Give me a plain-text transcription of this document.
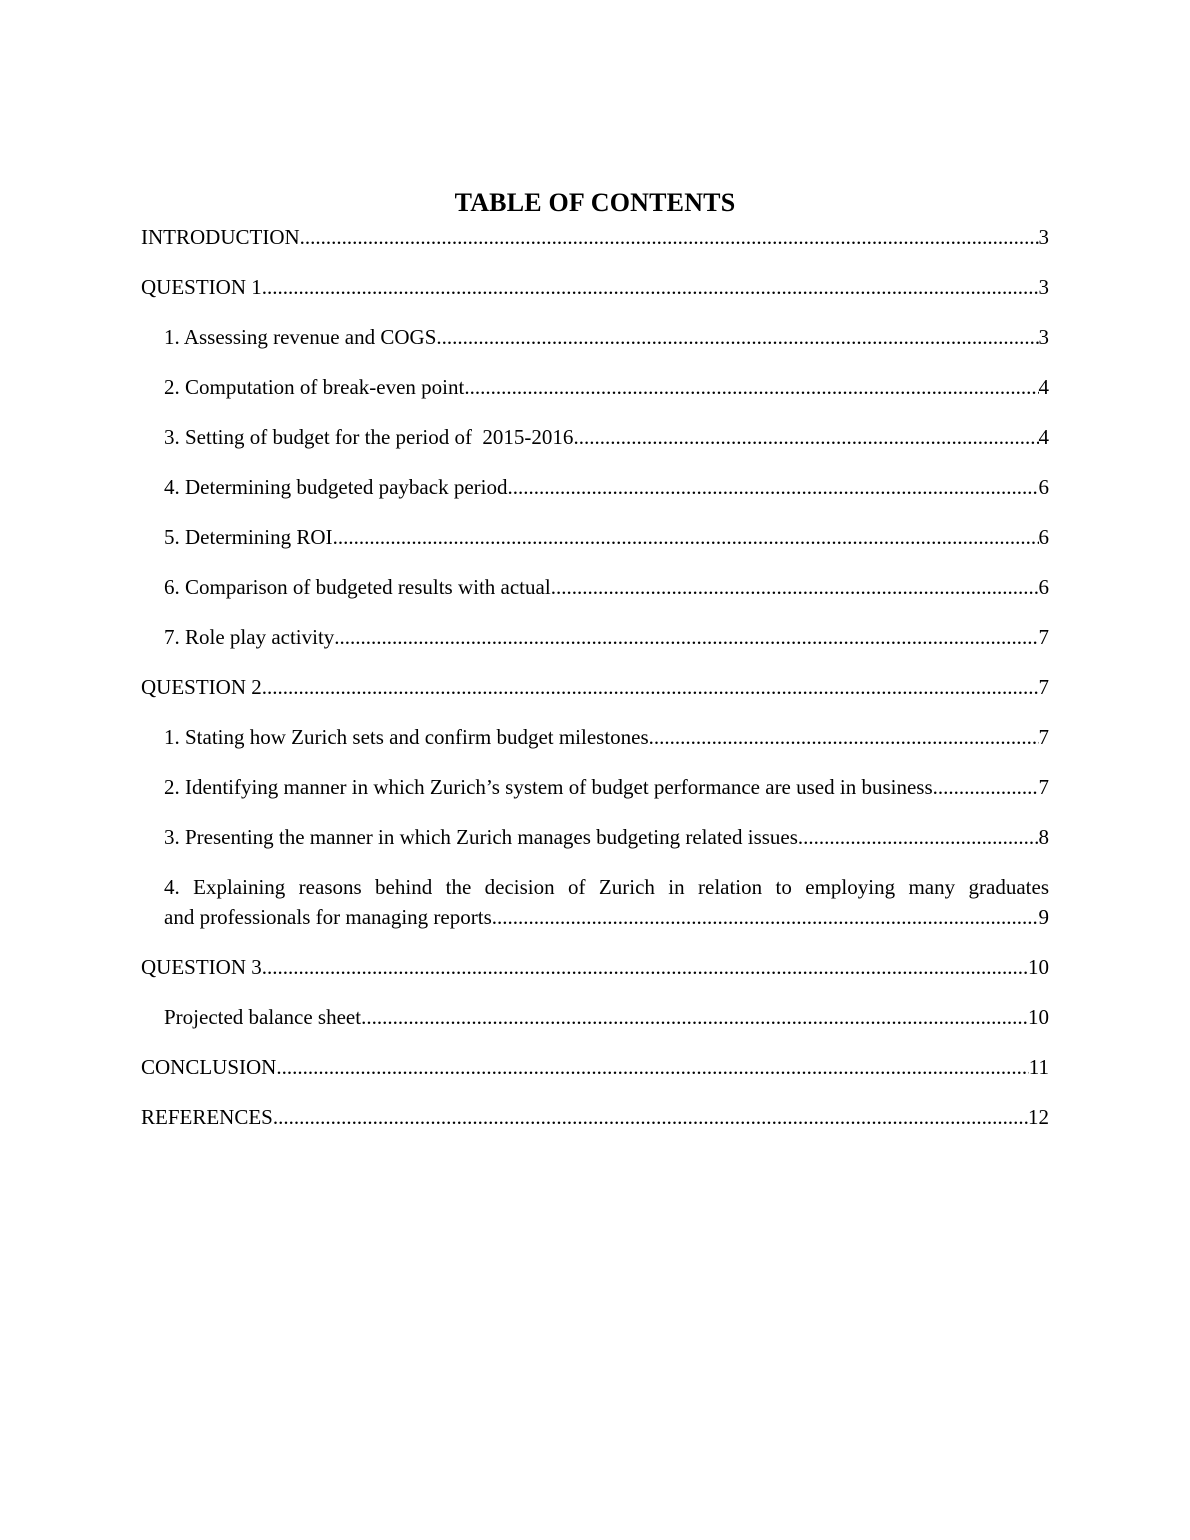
TABLE OF CONTENTS
INTRODUCTION .....	3
QUESTION 1 .....	3
1. Assessing revenue and COGS .....	3
2. Computation of break-even point .....	4
3. Setting of budget for the period of  2015-2016 .....	4
4. Determining budgeted payback period .....	6
5. Determining ROI .....	6
6. Comparison of budgeted results with actual .....	6
7. Role play activity .....	7
QUESTION 2 .....	7
1. Stating how Zurich sets and confirm budget milestones .....	7
2. Identifying manner in which Zurich’s system of budget performance are used in business .....	7
3. Presenting the manner in which Zurich manages budgeting related issues .....	8
4. Explaining reasons behind the decision of Zurich in relation to employing many graduates
and professionals for managing reports .....	9
QUESTION 3 .....	10
Projected balance sheet .....	10
CONCLUSION .....	11
REFERENCES .....	12
